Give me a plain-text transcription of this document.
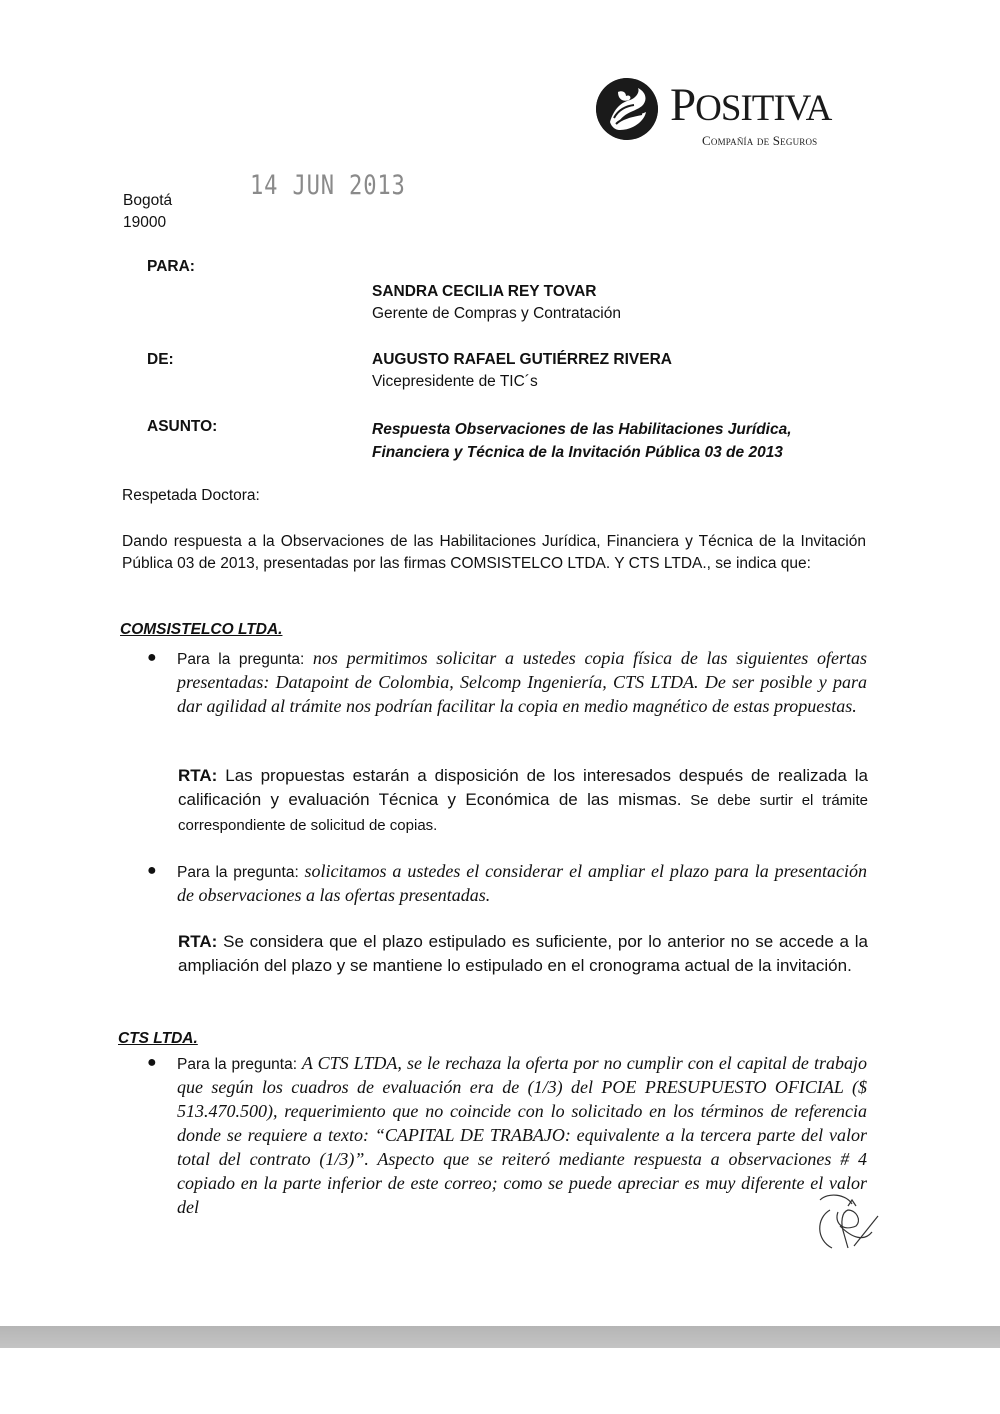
POSITIVA
Compañía de Seguros
14 JUN 2013
Bogotá
19000
PARA:
SANDRA CECILIA REY TOVAR
Gerente de Compras y Contratación
DE:	AUGUSTO RAFAEL GUTIÉRREZ RIVERA
Vicepresidente de TIC´s
ASUNTO:	Respuesta Observaciones de las Habilitaciones Jurídica,
Financiera y Técnica de la Invitación Pública 03 de 2013
Respetada Doctora:
Dando respuesta a la Observaciones de las Habilitaciones Jurídica, Financiera y Técnica de la Invitación Pública 03 de 2013, presentadas por las firmas COMSISTELCO LTDA. Y CTS LTDA., se indica que:
COMSISTELCO LTDA.
● Para la pregunta: nos permitimos solicitar a ustedes copia física de las siguientes ofertas presentadas: Datapoint de Colombia, Selcomp Ingeniería, CTS LTDA. De ser posible y para dar agilidad al trámite nos podrían facilitar la copia en medio magnético de estas propuestas.
RTA: Las propuestas estarán a disposición de los interesados después de realizada la calificación y evaluación Técnica y Económica de las mismas. Se debe surtir el trámite correspondiente de solicitud de copias.
● Para la pregunta: solicitamos a ustedes el considerar el ampliar el plazo para la presentación de observaciones a las ofertas presentadas.
RTA: Se considera que el plazo estipulado es suficiente, por lo anterior no se accede a la ampliación del plazo y se mantiene lo estipulado en el cronograma actual de la invitación.
CTS LTDA.
● Para la pregunta: A CTS LTDA, se le rechaza la oferta por no cumplir con el capital de trabajo que según los cuadros de evaluación era de (1/3) del POE PRESUPUESTO OFICIAL ($ 513.470.500), requerimiento que no coincide con lo solicitado en los términos de referencia donde se requiere a texto: “CAPITAL DE TRABAJO: equivalente a la tercera parte del valor total del contrato (1/3)”. Aspecto que se reiteró mediante respuesta a observaciones # 4 copiado en la parte inferior de este correo; como se puede apreciar es muy diferente el valor del
